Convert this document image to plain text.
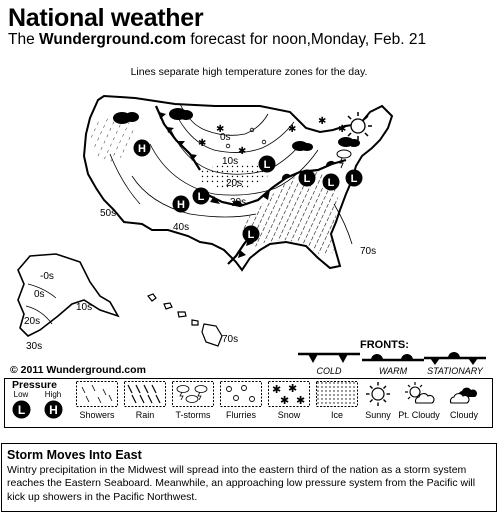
National weather
The Wunderground.com forecast for noon,Monday, Feb. 21
Lines separate high temperature zones for the day.
✱
✱
✱
✱
✱
✱
H
H
L
L
L L L
L
0s
10s
20s
30s
40s
50s
70s
-0s
0s
10s
20s
30s
70s
© 2011 Wunderground.com
FRONTS:
COLD	WARM	STATIONARY
Pressure
Low	High
L H	Showers	Rain	T-storms	Flurries
✱ ✱
✱ ✱
Snow	Ice	Sunny Pt. Cloudy	Cloudy
Storm Moves Into East
Wintry precipitation in the Midwest will spread into the eastern third of the nation as a storm system reaches the Eastern Seaboard. Meanwhile, an approaching low pressure system from the Pacific will kick up showers in the Pacific Northwest.
